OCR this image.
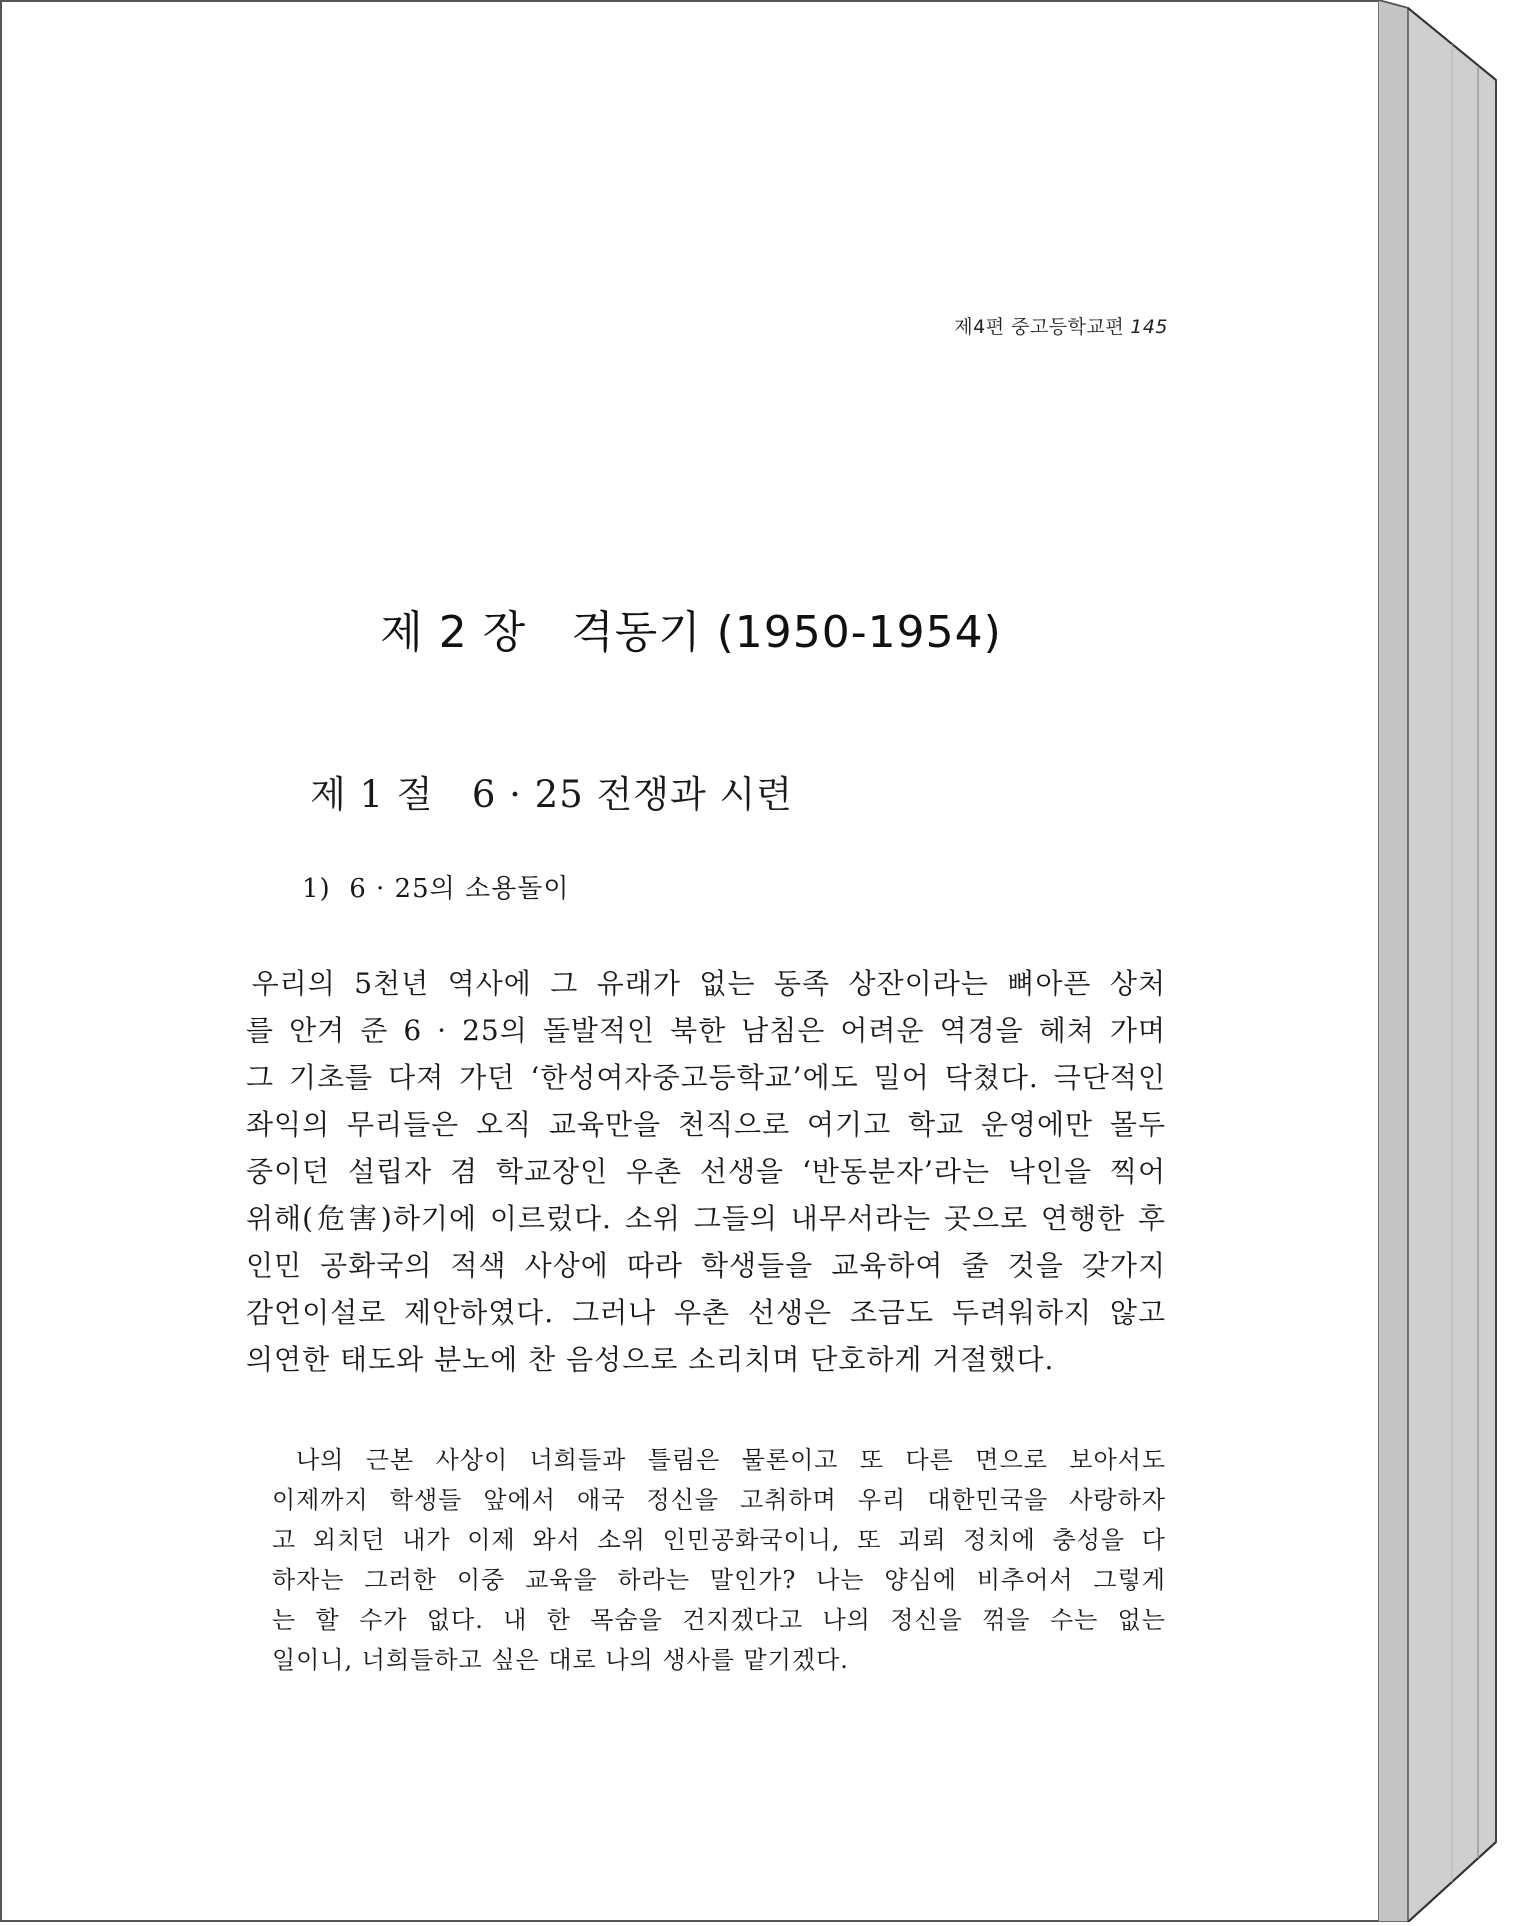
제4편 중고등학교편 145
제 2 장   격동기 (1950-1954)
제 1 절   6 · 25 전쟁과 시련
1)  6 · 25의 소용돌이
우리의 5천년 역사에 그 유래가 없는 동족 상잔이라는 뼈아픈 상처
를 안겨 준 6 · 25의 돌발적인 북한 남침은 어려운 역경을 헤쳐 가며
그 기초를 다져 가던 ‘한성여자중고등학교’에도 밀어 닥쳤다. 극단적인
좌익의 무리들은 오직 교육만을 천직으로 여기고 학교 운영에만 몰두
중이던 설립자 겸 학교장인 우촌 선생을 ‘반동분자’라는 낙인을 찍어
위해(危害)하기에 이르렀다. 소위 그들의 내무서라는 곳으로 연행한 후
인민 공화국의 적색 사상에 따라 학생들을 교육하여 줄 것을 갖가지
감언이설로 제안하였다. 그러나 우촌 선생은 조금도 두려워하지 않고
의연한 태도와 분노에 찬 음성으로 소리치며 단호하게 거절했다.
나의 근본 사상이 너희들과 틀림은 물론이고 또 다른 면으로 보아서도
이제까지 학생들 앞에서 애국 정신을 고취하며 우리 대한민국을 사랑하자
고 외치던 내가 이제 와서 소위 인민공화국이니, 또 괴뢰 정치에 충성을 다
하자는 그러한 이중 교육을 하라는 말인가? 나는 양심에 비추어서 그렇게
는 할 수가 없다. 내 한 목숨을 건지겠다고 나의 정신을 꺾을 수는 없는
일이니, 너희들하고 싶은 대로 나의 생사를 맡기겠다.
